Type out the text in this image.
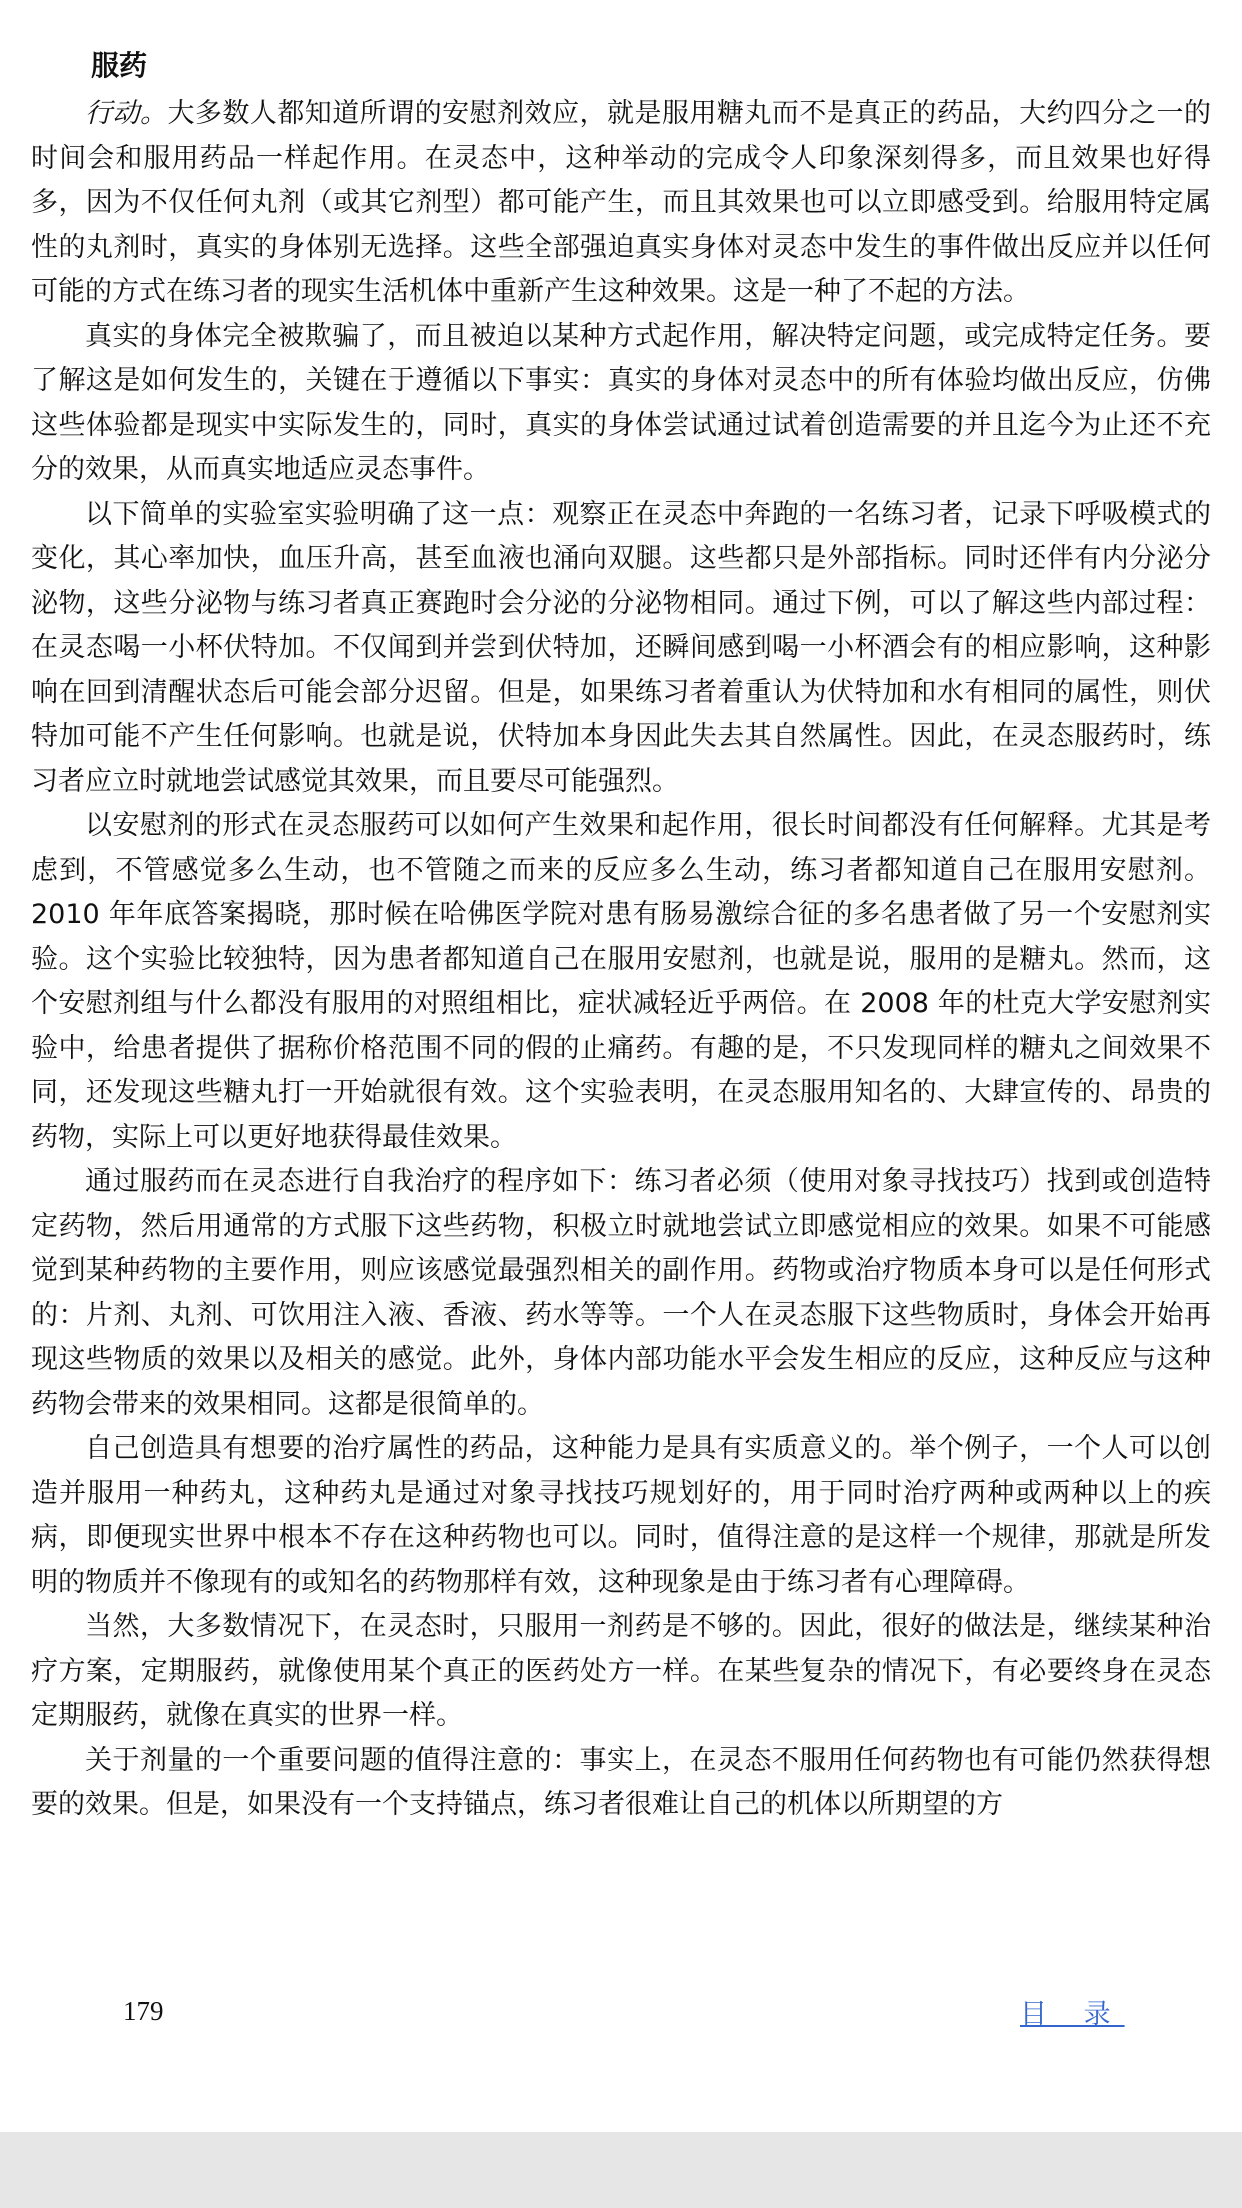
服药

行动。大多数人都知道所谓的安慰剂效应，就是服用糖丸而不是真正的药品，大约四分之一的时间会和服用药品一样起作用。在灵态中，这种举动的完成令人印象深刻得多，而且效果也好得多，因为不仅任何丸剂（或其它剂型）都可能产生，而且其效果也可以立即感受到。给服用特定属性的丸剂时，真实的身体别无选择。这些全部强迫真实身体对灵态中发生的事件做出反应并以任何可能的方式在练习者的现实生活机体中重新产生这种效果。这是一种了不起的方法。

真实的身体完全被欺骗了，而且被迫以某种方式起作用，解决特定问题，或完成特定任务。要了解这是如何发生的，关键在于遵循以下事实：真实的身体对灵态中的所有体验均做出反应，仿佛这些体验都是现实中实际发生的，同时，真实的身体尝试通过试着创造需要的并且迄今为止还不充分的效果，从而真实地适应灵态事件。

以下简单的实验室实验明确了这一点：观察正在灵态中奔跑的一名练习者，记录下呼吸模式的变化，其心率加快，血压升高，甚至血液也涌向双腿。这些都只是外部指标。同时还伴有内分泌分泌物，这些分泌物与练习者真正赛跑时会分泌的分泌物相同。通过下例，可以了解这些内部过程：在灵态喝一小杯伏特加。不仅闻到并尝到伏特加，还瞬间感到喝一小杯酒会有的相应影响，这种影响在回到清醒状态后可能会部分迟留。但是，如果练习者着重认为伏特加和水有相同的属性，则伏特加可能不产生任何影响。也就是说，伏特加本身因此失去其自然属性。因此，在灵态服药时，练习者应立时就地尝试感觉其效果，而且要尽可能强烈。

以安慰剂的形式在灵态服药可以如何产生效果和起作用，很长时间都没有任何解释。尤其是考虑到，不管感觉多么生动，也不管随之而来的反应多么生动，练习者都知道自己在服用安慰剂。2010 年年底答案揭晓，那时候在哈佛医学院对患有肠易激综合征的多名患者做了另一个安慰剂实验。这个实验比较独特，因为患者都知道自己在服用安慰剂，也就是说，服用的是糖丸。然而，这个安慰剂组与什么都没有服用的对照组相比，症状减轻近乎两倍。在 2008 年的杜克大学安慰剂实验中，给患者提供了据称价格范围不同的假的止痛药。有趣的是，不只发现同样的糖丸之间效果不同，还发现这些糖丸打一开始就很有效。这个实验表明，在灵态服用知名的、大肆宣传的、昂贵的药物，实际上可以更好地获得最佳效果。

通过服药而在灵态进行自我治疗的程序如下：练习者必须（使用对象寻找技巧）找到或创造特定药物，然后用通常的方式服下这些药物，积极立时就地尝试立即感觉相应的效果。如果不可能感觉到某种药物的主要作用，则应该感觉最强烈相关的副作用。药物或治疗物质本身可以是任何形式的：片剂、丸剂、可饮用注入液、香液、药水等等。一个人在灵态服下这些物质时，身体会开始再现这些物质的效果以及相关的感觉。此外，身体内部功能水平会发生相应的反应，这种反应与这种药物会带来的效果相同。这都是很简单的。

自己创造具有想要的治疗属性的药品，这种能力是具有实质意义的。举个例子，一个人可以创造并服用一种药丸，这种药丸是通过对象寻找技巧规划好的，用于同时治疗两种或两种以上的疾病，即便现实世界中根本不存在这种药物也可以。同时，值得注意的是这样一个规律，那就是所发明的物质并不像现有的或知名的药物那样有效，这种现象是由于练习者有心理障碍。

当然，大多数情况下，在灵态时，只服用一剂药是不够的。因此，很好的做法是，继续某种治疗方案，定期服药，就像使用某个真正的医药处方一样。在某些复杂的情况下，有必要终身在灵态定期服药，就像在真实的世界一样。

关于剂量的一个重要问题的值得注意的：事实上，在灵态不服用任何药物也有可能仍然获得想要的效果。但是，如果没有一个支持锚点，练习者很难让自己的机体以所期望的方

179	目 录
